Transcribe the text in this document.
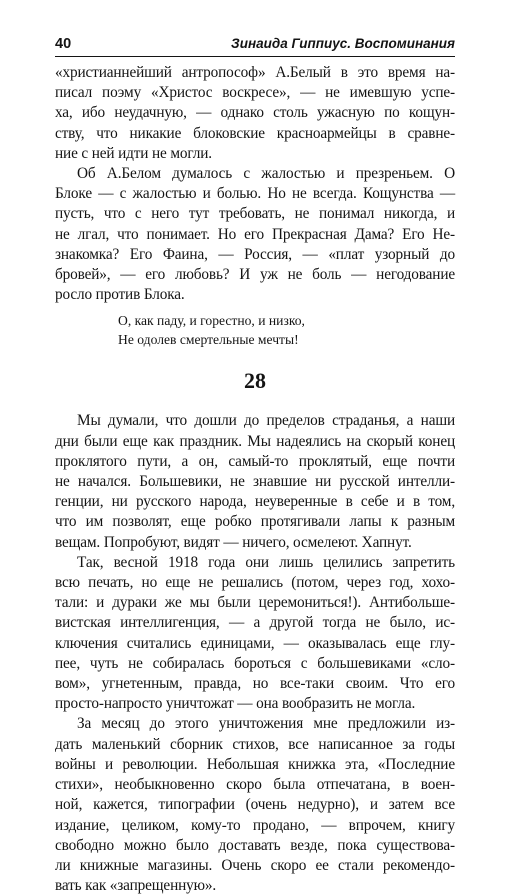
40	Зинаида Гиппиус. Воспоминания
«христианнейший антропософ» А.Белый в это время на-
писал поэму «Христос воскресе», — не имевшую успе-
ха, ибо неудачную, — однако столь ужасную по кощун-
ству, что никакие блоковские красноармейцы в сравне-
ние с ней идти не могли.
Об А.Белом думалось с жалостью и презреньем. О
Блоке — с жалостью и болью. Но не всегда. Кощунства —
пусть, что с него тут требовать, не понимал никогда, и
не лгал, что понимает. Но его Прекрасная Дама? Его Не-
знакомка? Его Фаина, — Россия, — «плат узорный до
бровей», — его любовь? И уж не боль — негодование
росло против Блока.
О, как паду, и горестно, и низко,
Не одолев смертельные мечты!
28
Мы думали, что дошли до пределов страданья, а наши
дни были еще как праздник. Мы надеялись на скорый конец
проклятого пути, а он, самый-то проклятый, еще почти
не начался. Большевики, не знавшие ни русской интелли-
генции, ни русского народа, неуверенные в себе и в том,
что им позволят, еще робко протягивали лапы к разным
вещам. Попробуют, видят — ничего, осмелеют. Хапнут.
Так, весной 1918 года они лишь целились запретить
всю печать, но еще не решались (потом, через год, хохо-
тали: и дураки же мы были церемониться!). Антибольше-
вистская интеллигенция, — а другой тогда не было, ис-
ключения считались единицами, — оказывалась еще глу-
пее, чуть не собиралась бороться с большевиками «сло-
вом», угнетенным, правда, но все-таки своим. Что его
просто-напросто уничтожат — она вообразить не могла.
За месяц до этого уничтожения мне предложили из-
дать маленький сборник стихов, все написанное за годы
войны и революции. Небольшая книжка эта, «Последние
стихи», необыкновенно скоро была отпечатана, в воен-
ной, кажется, типографии (очень недурно), и затем все
издание, целиком, кому-то продано, — впрочем, книгу
свободно можно было доставать везде, пока существова-
ли книжные магазины. Очень скоро ее стали рекомендо-
вать как «запрещенную».
